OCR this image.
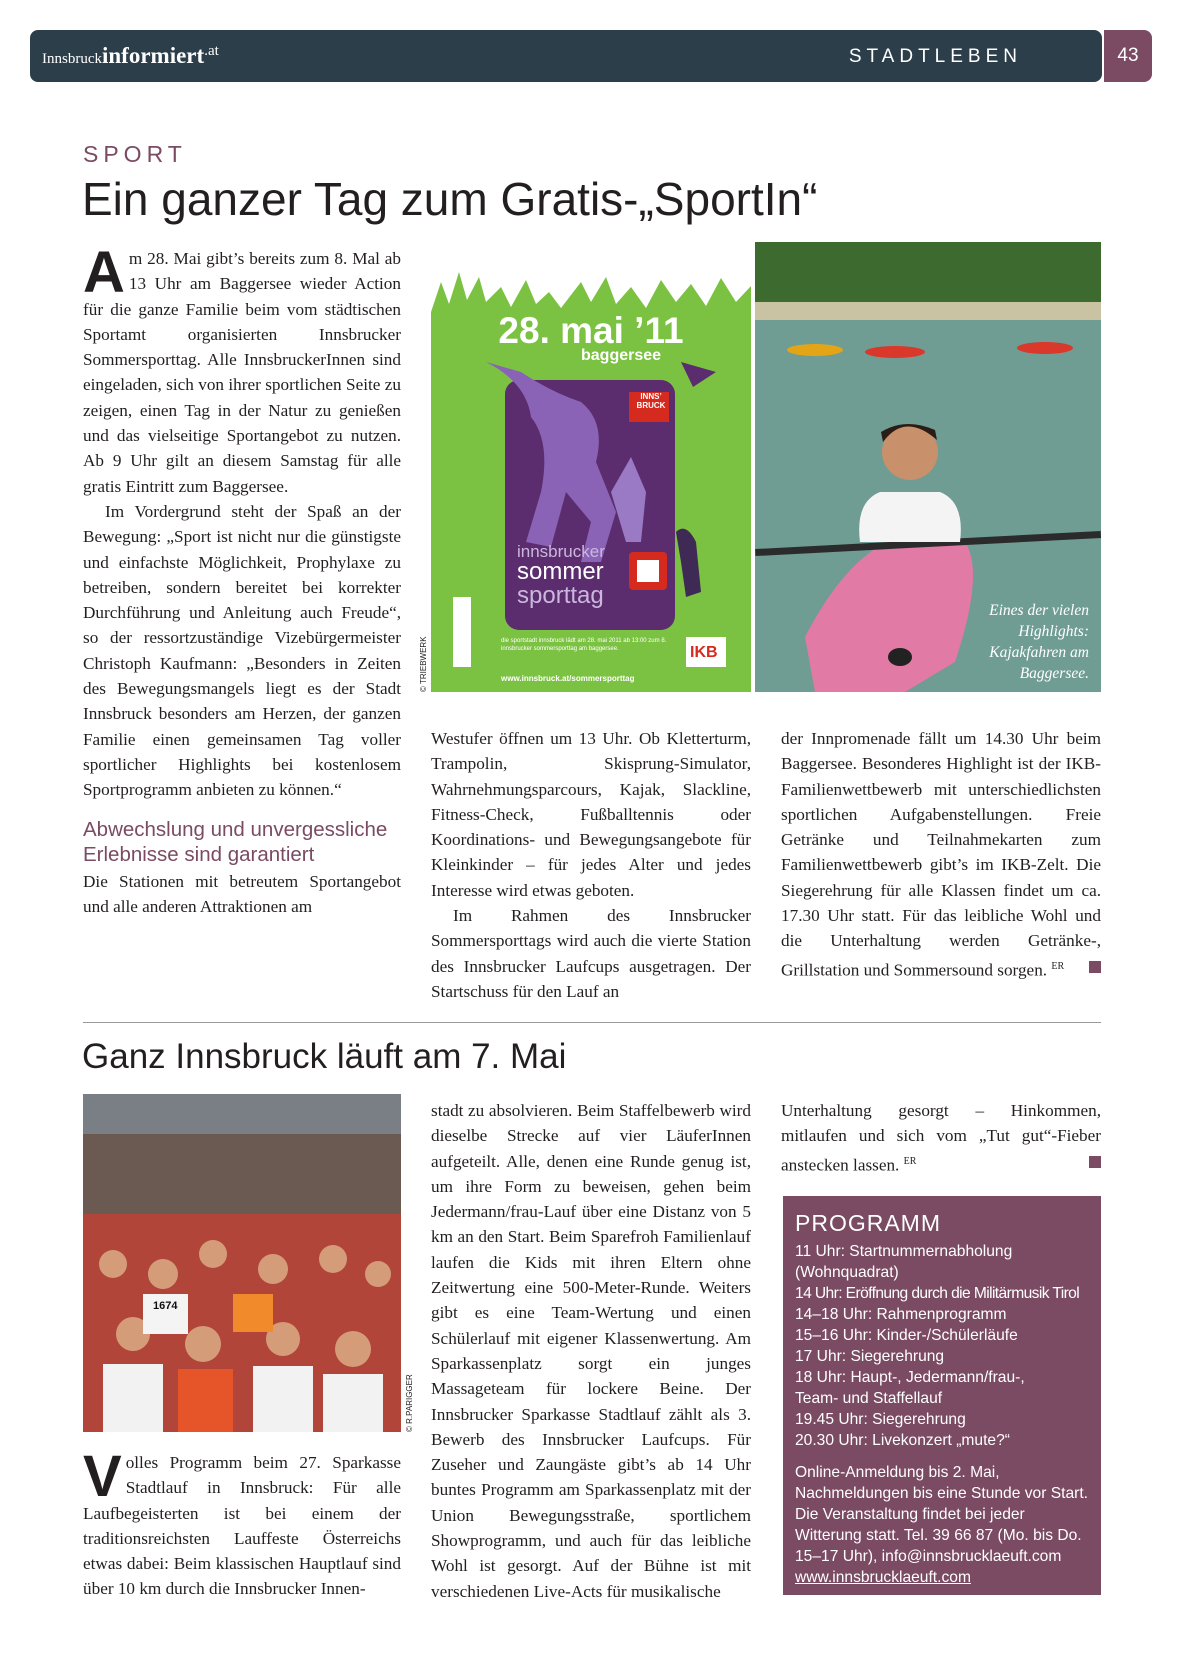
Innsbruckinformiert.at	STADTLEBEN	43
SPORT
Ein ganzer Tag zum Gratis-„SportIn“

Am 28. Mai gibt’s bereits zum 8. Mal ab 13 Uhr am Baggersee wieder Action für die ganze Familie beim vom städtischen Sportamt organisierten Innsbrucker Sommersporttag. Alle InnsbruckerInnen sind eingeladen, sich von ihrer sportlichen Seite zu zeigen, einen Tag in der Natur zu genießen und das vielseitige Sportangebot zu nutzen. Ab 9 Uhr gilt an diesem Samstag für alle gratis Eintritt zum Baggersee.

Im Vordergrund steht der Spaß an der Bewegung: „Sport ist nicht nur die günstigste und einfachste Möglichkeit, Prophylaxe zu betreiben, sondern bereitet bei korrekter Durchführung und Anleitung auch Freude“, so der ressortzuständige Vizebürgermeister Christoph Kaufmann: „Besonders in Zeiten des Bewegungsmangels liegt es der Stadt Innsbruck besonders am Herzen, der ganzen Familie einen gemeinsamen Tag voller sportlicher Highlights bei kostenlosem Sportprogramm anbieten zu können.“

Abwechslung und unvergessliche Erlebnisse sind garantiert

Die Stationen mit betreutem Sportangebot und alle anderen Attraktionen am

28. mai ’11
baggersee
INNS’ BRUCK
innsbrucker
sommer
sporttag
die sportstadt innsbruck lädt am 28. mai 2011 ab 13:00 zum 8. innsbrucker sommersporttag am baggersee.
www.innsbruck.at/sommersporttag
IKB
© TRIEBWERK
Eines der vielen Highlights: Kajakfahren am Baggersee.

Westufer öffnen um 13 Uhr. Ob Kletterturm, Trampolin, Skisprung-Simulator, Wahrnehmungsparcours, Kajak, Slackline, Fitness-Check, Fußballtennis oder Koordinations- und Bewegungsangebote für Kleinkinder – für jedes Alter und jedes Interesse wird etwas geboten.

Im Rahmen des Innsbrucker Sommersporttags wird auch die vierte Station des Innsbrucker Laufcups ausgetragen. Der Startschuss für den Lauf an

der Innpromenade fällt um 14.30 Uhr beim Baggersee. Besonderes Highlight ist der IKB-Familienwettbewerb mit unterschiedlichsten sportlichen Aufgabenstellungen. Freie Getränke und Teilnahmekarten zum Familienwettbewerb gibt’s im IKB-Zelt. Die Siegerehrung für alle Klassen findet um ca. 17.30 Uhr statt. Für das leibliche Wohl und die Unterhaltung werden Getränke-, Grillstation und Sommersound sorgen. $^{ER}$

Ganz Innsbruck läuft am 7. Mai
1674
© R.PARIGGER

Volles Programm beim 27. Sparkasse Stadtlauf in Innsbruck: Für alle Laufbegeisterten ist bei einem der traditionsreichsten Lauffeste Österreichs etwas dabei: Beim klassischen Hauptlauf sind über 10 km durch die Innsbrucker Innen-

stadt zu absolvieren. Beim Staffelbewerb wird dieselbe Strecke auf vier LäuferInnen aufgeteilt. Alle, denen eine Runde genug ist, um ihre Form zu beweisen, gehen beim Jedermann/frau-Lauf über eine Distanz von 5 km an den Start. Beim Sparefroh Familienlauf laufen die Kids mit ihren Eltern ohne Zeitwertung eine 500-Meter-Runde. Weiters gibt es eine Team-Wertung und einen Schülerlauf mit eigener Klassenwertung. Am Sparkassenplatz sorgt ein junges Massageteam für lockere Beine. Der Innsbrucker Sparkasse Stadtlauf zählt als 3. Bewerb des Innsbrucker Laufcups. Für Zuseher und Zaungäste gibt’s ab 14 Uhr buntes Programm am Sparkassenplatz mit der Union Bewegungsstraße, sportlichem Showprogramm, und auch für das leibliche Wohl ist gesorgt. Auf der Bühne ist mit verschiedenen Live-Acts für musikalische

Unterhaltung gesorgt – Hinkommen, mitlaufen und sich vom „Tut gut“-Fieber anstecken lassen. $^{ER}$

PROGRAMM
11 Uhr: Startnummernabholung
(Wohnquadrat)
14 Uhr: Eröffnung durch die Militärmusik Tirol
14–18 Uhr: Rahmenprogramm
15–16 Uhr: Kinder-/Schülerläufe
17 Uhr: Siegerehrung
18 Uhr: Haupt-, Jedermann/frau-,
Team- und Staffellauf
19.45 Uhr: Siegerehrung
20.30 Uhr: Livekonzert „mute?“
Online-Anmeldung bis 2. Mai, Nachmeldungen bis eine Stunde vor Start. Die Veranstaltung findet bei jeder Witterung statt. Tel. 39 66 87 (Mo. bis Do. 15–17 Uhr), info@innsbrucklaeuft.com
www.innsbrucklaeuft.com
